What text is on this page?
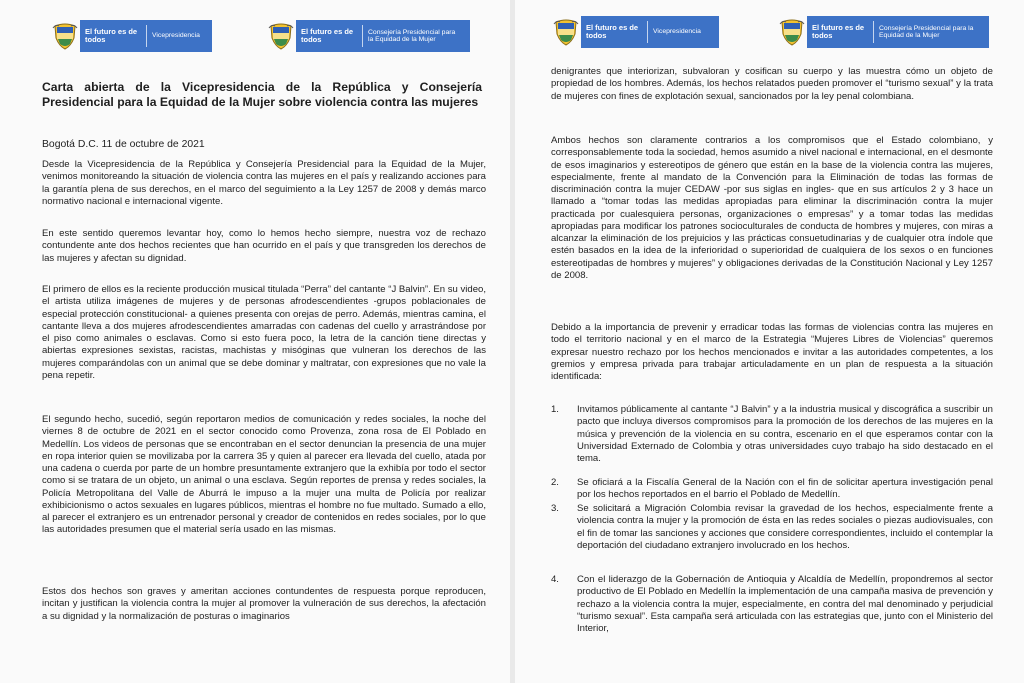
El futuro es de todos	Vicepresidencia	El futuro es de todos
Consejería Presidencial para la Equidad de la Mujer
Carta abierta de la Vicepresidencia de la República y Consejería Presidencial para la Equidad de la Mujer sobre violencia contra las mujeres
Bogotá D.C. 11 de octubre de 2021

Desde la Vicepresidencia de la República y Consejería Presidencial para la Equidad de la Mujer, venimos monitoreando la situación de violencia contra las mujeres en el país y realizando acciones para la garantía plena de sus derechos, en el marco del seguimiento a la Ley 1257 de 2008 y demás marco normativo nacional e internacional vigente.

En este sentido queremos levantar hoy, como lo hemos hecho siempre, nuestra voz de rechazo contundente ante dos hechos recientes que han ocurrido en el país y que transgreden los derechos de las mujeres y afectan su dignidad.

El primero de ellos es la reciente producción musical titulada “Perra” del cantante “J Balvin”. En su video, el artista utiliza imágenes de mujeres y de personas afrodescendientes -grupos poblacionales de especial protección constitucional- a quienes presenta con orejas de perro. Además, mientras camina, el cantante lleva a dos mujeres afrodescendientes amarradas con cadenas del cuello y arrastrándose por el piso como animales o esclavas. Como si esto fuera poco, la letra de la canción tiene directas y abiertas expresiones sexistas, racistas, machistas y misóginas que vulneran los derechos de las mujeres comparándolas con un animal que se debe dominar y maltratar, con expresiones que no vale la pena repetir.

El segundo hecho, sucedió, según reportaron medios de comunicación y redes sociales, la noche del viernes 8 de octubre de 2021 en el sector conocido como Provenza, zona rosa de El Poblado en Medellín. Los videos de personas que se encontraban en el sector denuncian la presencia de una mujer en ropa interior quien se movilizaba por la carrera 35 y quien al parecer era llevada del cuello, atada por una cadena o cuerda por parte de un hombre presuntamente extranjero que la exhibía por todo el sector como si se tratara de un objeto, un animal o una esclava. Según reportes de prensa y redes sociales, la Policía Metropolitana del Valle de Aburrá le impuso a la mujer una multa de Policía por realizar exhibicionismo o actos sexuales en lugares públicos, mientras el hombre no fue multado. Sumado a ello, al parecer el extranjero es un entrenador personal y creador de contenidos en redes sociales, por lo que las autoridades presumen que el material sería usado en las mismas.

Estos dos hechos son graves y ameritan acciones contundentes de respuesta porque reproducen, incitan y justifican la violencia contra la mujer al promover la vulneración de sus derechos, la afectación a su dignidad y la normalización de posturas o imaginarios

El futuro es de todos	Vicepresidencia	El futuro es de todos
Consejería Presidencial para la Equidad de la Mujer

denigrantes que interiorizan, subvaloran y cosifican su cuerpo y las muestra cómo un objeto de propiedad de los hombres. Además, los hechos relatados pueden promover el “turismo sexual” y la trata de mujeres con fines de explotación sexual, sancionados por la ley penal colombiana.

Ambos hechos son claramente contrarios a los compromisos que el Estado colombiano, y corresponsablemente toda la sociedad, hemos asumido a nivel nacional e internacional, en el desmonte de esos imaginarios y estereotipos de género que están en la base de la violencia contra las mujeres, especialmente, frente al mandato de la Convención para la Eliminación de todas las formas de discriminación contra la mujer CEDAW -por sus siglas en ingles- que en sus artículos 2 y 3 hace un llamado a “tomar todas las medidas apropiadas para eliminar la discriminación contra la mujer practicada por cualesquiera personas, organizaciones o empresas” y a tomar todas las medidas apropiadas para modificar los patrones socioculturales de conducta de hombres y mujeres, con miras a alcanzar la eliminación de los prejuicios y las prácticas consuetudinarias y de cualquier otra índole que estén basados en la idea de la inferioridad o superioridad de cualquiera de los sexos o en funciones estereotipadas de hombres y mujeres” y obligaciones derivadas de la Constitución Nacional y Ley 1257 de 2008.

Debido a la importancia de prevenir y erradicar todas las formas de violencias contra las mujeres en todo el territorio nacional y en el marco de la Estrategia “Mujeres Libres de Violencias” queremos expresar nuestro rechazo por los hechos mencionados e invitar a las autoridades competentes, a los gremios y empresa privada para trabajar articuladamente en un plan de respuesta a la situación identificada:

1.	Invitamos públicamente al cantante “J Balvin” y a la industria musical y discográfica a suscribir un pacto que incluya diversos compromisos para la promoción de los derechos de las mujeres en la música y prevención de la violencia en su contra, escenario en el que esperamos contar con la Universidad Externado de Colombia y otras universidades cuyo trabajo ha sido destacado en el tema.
2.	Se oficiará a la Fiscalía General de la Nación con el fin de solicitar apertura investigación penal por los hechos reportados en el barrio el Poblado de Medellín.
3.	Se solicitará a Migración Colombia revisar la gravedad de los hechos, especialmente frente a violencia contra la mujer y la promoción de ésta en las redes sociales o piezas audiovisuales, con el fin de tomar las sanciones y acciones que considere correspondientes, incluido el contemplar la deportación del ciudadano extranjero involucrado en los hechos.
4.	Con el liderazgo de la Gobernación de Antioquia y Alcaldía de Medellín, propondremos al sector productivo de El Poblado en Medellín la implementación de una campaña masiva de prevención y rechazo a la violencia contra la mujer, especialmente, en contra del mal denominado y perjudicial “turismo sexual”. Esta campaña será articulada con las estrategias que, junto con el Ministerio del Interior,
